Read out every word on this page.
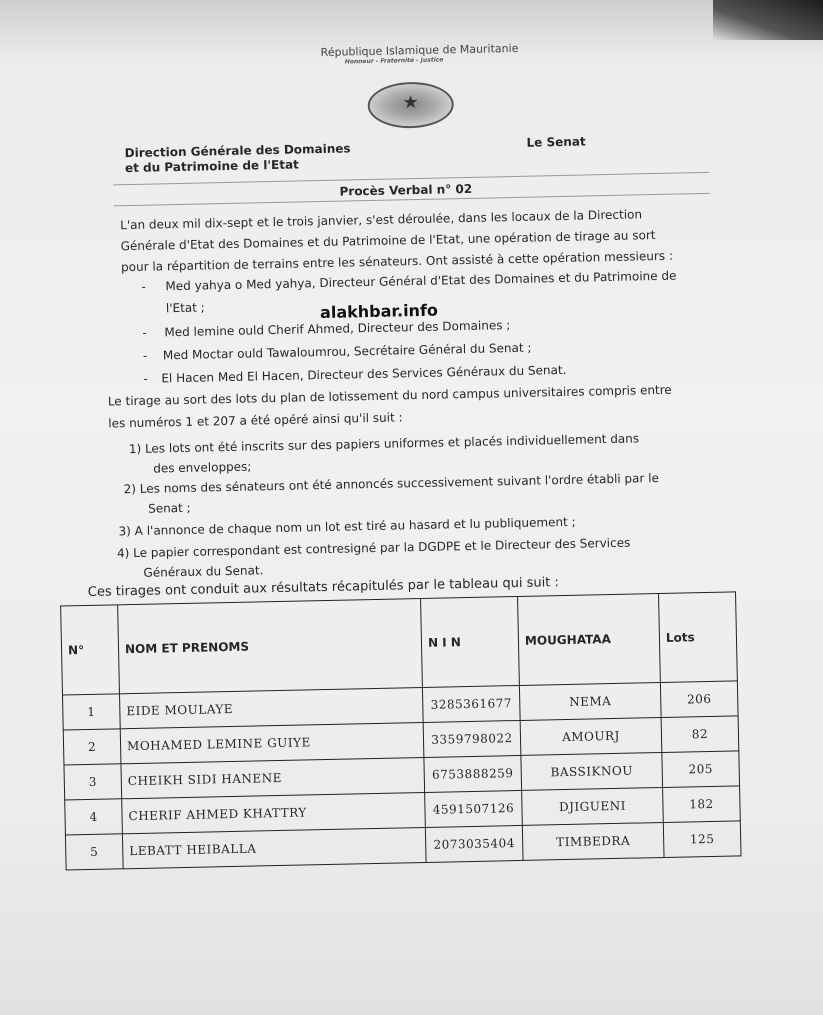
République Islamique de Mauritanie
Honneur - Fraternité - Justice
★
Direction Générale des Domaines
et du Patrimoine de l'Etat
Le Senat
Procès Verbal n° 02
L'an deux mil dix-sept et le trois janvier, s'est déroulée, dans les locaux de la Direction
Générale d'Etat des Domaines et du Patrimoine de l'Etat, une opération de tirage au sort
pour la répartition de terrains entre les sénateurs. Ont assisté à cette opération messieurs :
- Med yahya o Med yahya, Directeur Général d'Etat des Domaines et du Patrimoine de
l'Etat ;
- Med lemine ould Cherif Ahmed, Directeur des Domaines ;
- Med Moctar ould Tawaloumrou, Secrétaire Général du Senat ;
- El Hacen Med El Hacen, Directeur des Services Généraux du Senat.
Le tirage au sort des lots du plan de lotissement du nord campus universitaires compris entre
les numéros 1 et 207 a été opéré ainsi qu'il suit :
1) Les lots ont été inscrits sur des papiers uniformes et placés individuellement dans
des enveloppes;
2) Les noms des sénateurs ont été annoncés successivement suivant l'ordre établi par le
Senat ;
3) A l'annonce de chaque nom un lot est tiré au hasard et lu publiquement ;
4) Le papier correspondant est contresigné par la DGDPE et le Directeur des Services
Généraux du Senat.
Ces tirages ont conduit aux résultats récapitulés par le tableau qui suit :
alakhbar.info
N°	NOM ET PRENOMS	N I N	MOUGHATAA	Lots
1	EIDE MOULAYE	3285361677	NEMA	206
2	MOHAMED LEMINE GUIYE	3359798022	AMOURJ	82
3	CHEIKH SIDI HANENE	6753888259	BASSIKNOU	205
4	CHERIF AHMED KHATTRY	4591507126	DJIGUENI	182
5	LEBATT HEIBALLA	2073035404	TIMBEDRA	125
